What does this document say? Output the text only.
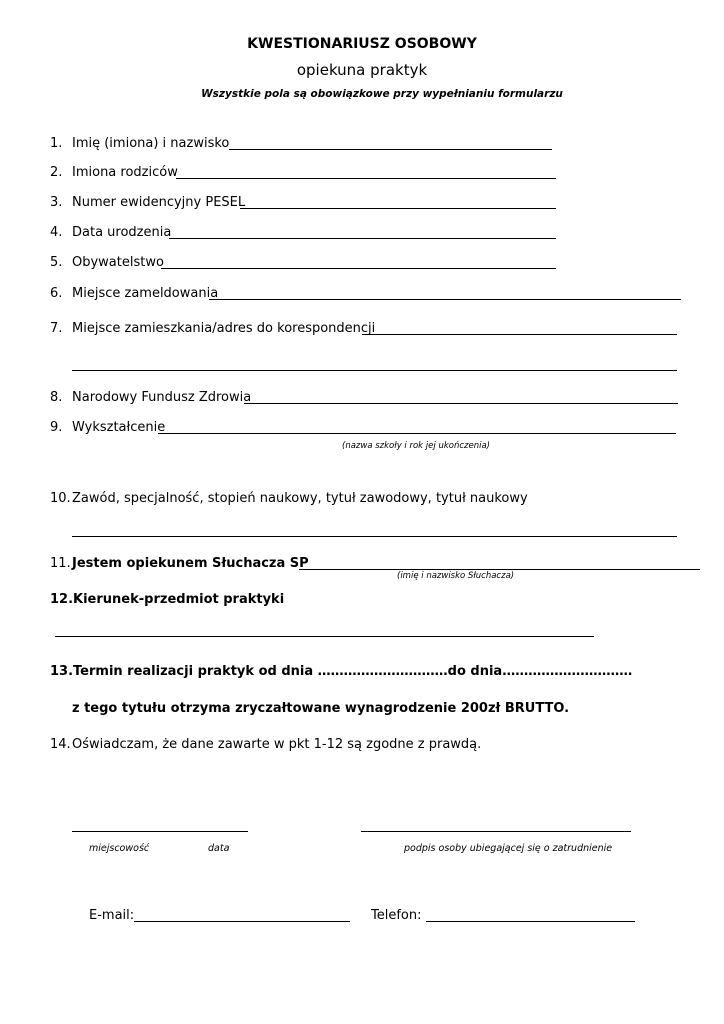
KWESTIONARIUSZ OSOBOWY
opiekuna praktyk
Wszystkie pola są obowiązkowe przy wypełnianiu formularzu
1. Imię (imiona) i nazwisko
2. Imiona rodziców
3. Numer ewidencyjny PESEL
4. Data urodzenia
5. Obywatelstwo
6. Miejsce zameldowania
7. Miejsce zamieszkania/adres do korespondencji
8. Narodowy Fundusz Zdrowia
9. Wykształcenie
(nazwa szkoły i rok jej ukończenia)
10.Zawód, specjalność, stopień naukowy, tytuł zawodowy, tytuł naukowy
11.Jestem opiekunem Słuchacza SP
(imię i nazwisko Słuchacza)
12.Kierunek-przedmiot praktyki
13.Termin realizacji praktyk od dnia …………………………do dnia…………………………
z tego tytułu otrzyma zryczałtowane wynagrodzenie 200zł BRUTTO.
14.Oświadczam, że dane zawarte w pkt 1-12 są zgodne z prawdą.
miejscowość	data	podpis osoby ubiegającej się o zatrudnienie
E-mail:	Telefon:
